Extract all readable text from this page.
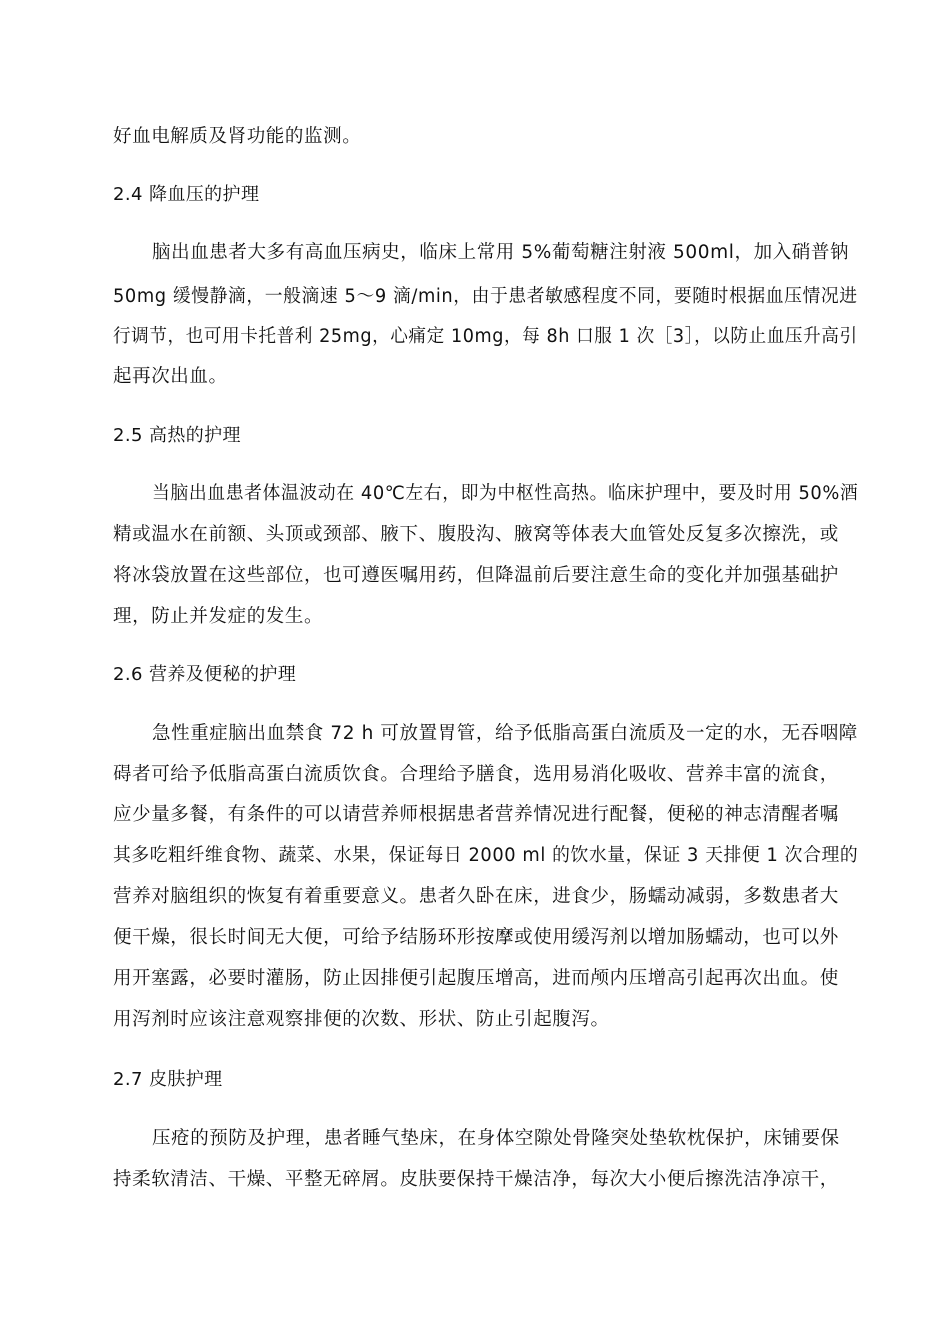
好血电解质及肾功能的监测。
2.4 降血压的护理
脑出血患者大多有高血压病史，临床上常用 5%葡萄糖注射液 500ml，加入硝普钠
50mg 缓慢静滴，一般滴速 5～9 滴/min，由于患者敏感程度不同，要随时根据血压情况进
行调节，也可用卡托普利 25mg，心痛定 10mg，每 8h 口服 1 次［3］，以防止血压升高引
起再次出血。
2.5 高热的护理
当脑出血患者体温波动在 40℃左右，即为中枢性高热。临床护理中，要及时用 50%酒
精或温水在前额、头顶或颈部、腋下、腹股沟、腋窝等体表大血管处反复多次擦洗，或
将冰袋放置在这些部位，也可遵医嘱用药，但降温前后要注意生命的变化并加强基础护
理，防止并发症的发生。
2.6 营养及便秘的护理
急性重症脑出血禁食 72 h 可放置胃管，给予低脂高蛋白流质及一定的水，无吞咽障
碍者可给予低脂高蛋白流质饮食。合理给予膳食，选用易消化吸收、营养丰富的流食，
应少量多餐，有条件的可以请营养师根据患者营养情况进行配餐，便秘的神志清醒者嘱
其多吃粗纤维食物、蔬菜、水果，保证每日 2000 ml 的饮水量，保证 3 天排便 1 次合理的
营养对脑组织的恢复有着重要意义。患者久卧在床，进食少，肠蠕动减弱，多数患者大
便干燥，很长时间无大便，可给予结肠环形按摩或使用缓泻剂以增加肠蠕动，也可以外
用开塞露，必要时灌肠，防止因排便引起腹压增高，进而颅内压增高引起再次出血。使
用泻剂时应该注意观察排便的次数、形状、防止引起腹泻。
2.7 皮肤护理
压疮的预防及护理，患者睡气垫床，在身体空隙处骨隆突处垫软枕保护，床铺要保
持柔软清洁、干燥、平整无碎屑。皮肤要保持干燥洁净，每次大小便后擦洗洁净凉干，
